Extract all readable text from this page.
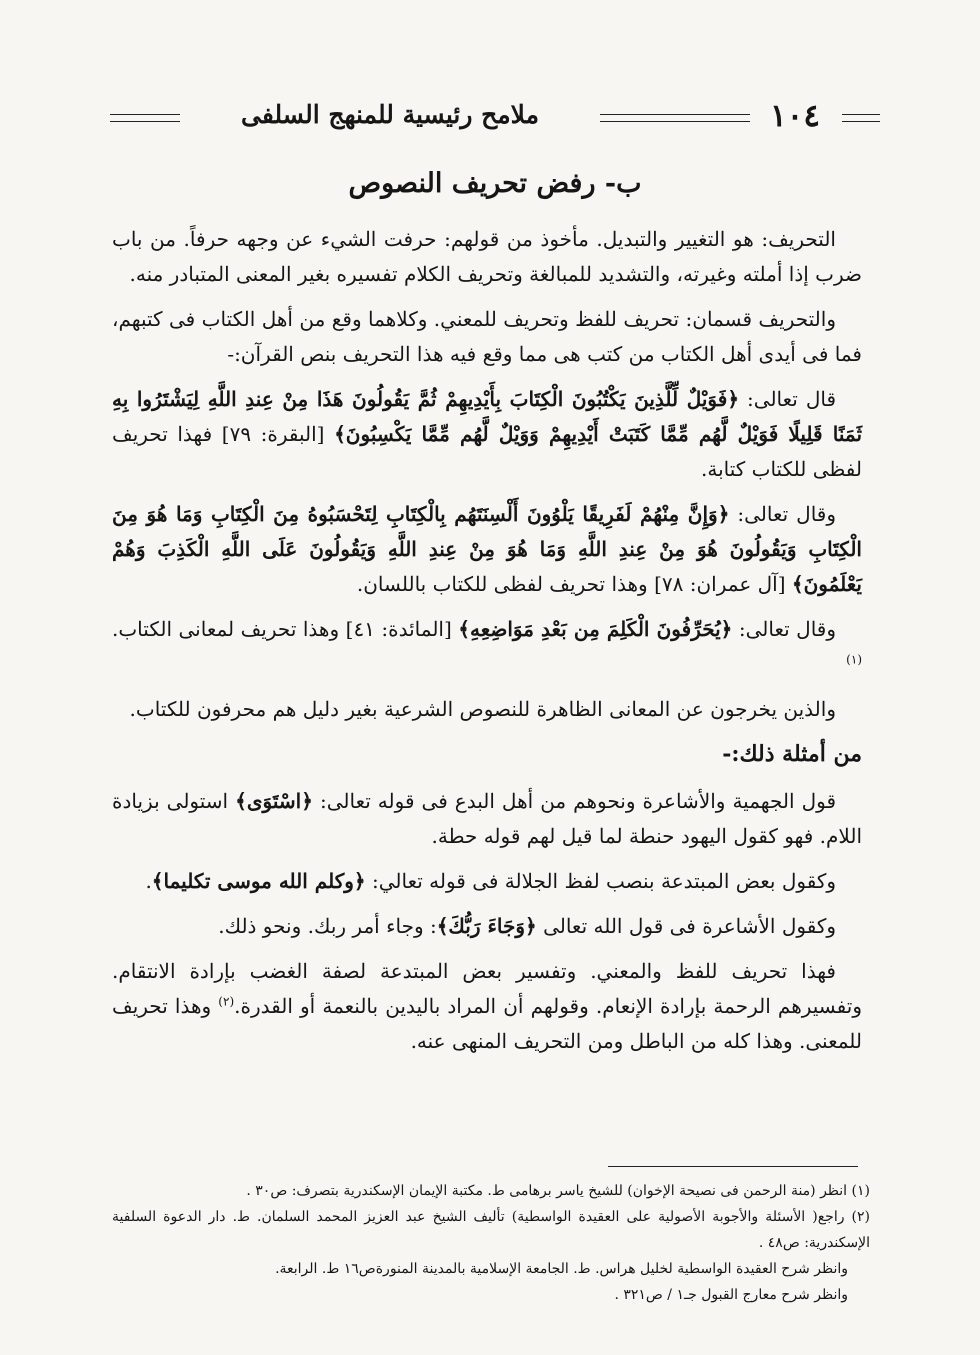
١٠٤
ملامح رئيسية للمنهج السلفى
ب- رفض تحريف النصوص

التحريف: هو التغيير والتبديل. مأخوذ من قولهم: حرفت الشيء عن وجهه حرفاً. من باب ضرب إذا أملته وغيرته، والتشديد للمبالغة وتحريف الكلام تفسيره بغير المعنى المتبادر منه.

والتحريف قسمان: تحريف للفظ وتحريف للمعني. وكلاهما وقع من أهل الكتاب فى كتبهم، فما فى أيدى أهل الكتاب من كتب هى مما وقع فيه هذا التحريف بنص القرآن:-

قال تعالى: ﴿فَوَيْلٌ لِّلَّذِينَ يَكْتُبُونَ الْكِتَابَ بِأَيْدِيهِمْ ثُمَّ يَقُولُونَ هَذَا مِنْ عِندِ اللَّهِ لِيَشْتَرُوا بِهِ ثَمَنًا قَلِيلًا فَوَيْلٌ لَّهُم مِّمَّا كَتَبَتْ أَيْدِيهِمْ وَوَيْلٌ لَّهُم مِّمَّا يَكْسِبُونَ﴾ [البقرة: ٧٩] فهذا تحريف لفظى للكتاب كتابة.

وقال تعالى: ﴿وَإِنَّ مِنْهُمْ لَفَرِيقًا يَلْوُونَ أَلْسِنَتَهُم بِالْكِتَابِ لِتَحْسَبُوهُ مِنَ الْكِتَابِ وَمَا هُوَ مِنَ الْكِتَابِ وَيَقُولُونَ هُوَ مِنْ عِندِ اللَّهِ وَمَا هُوَ مِنْ عِندِ اللَّهِ وَيَقُولُونَ عَلَى اللَّهِ الْكَذِبَ وَهُمْ يَعْلَمُونَ﴾ [آل عمران: ٧٨] وهذا تحريف لفظى للكتاب باللسان.

وقال تعالى: ﴿يُحَرِّفُونَ الْكَلِمَ مِن بَعْدِ مَوَاضِعِهِ﴾ [المائدة: ٤١] وهذا تحريف لمعانى الكتاب.$^{(١)}$

والذين يخرجون عن المعانى الظاهرة للنصوص الشرعية بغير دليل هم محرفون للكتاب.

من أمثلة ذلك:-

قول الجهمية والأشاعرة ونحوهم من أهل البدع فى قوله تعالى: ﴿اسْتَوَى﴾ استولى بزيادة اللام. فهو كقول اليهود حنطة لما قيل لهم قوله حطة.

وكقول بعض المبتدعة بنصب لفظ الجلالة فى قوله تعالي: ﴿وكلم الله موسى تكليما﴾.

وكقول الأشاعرة فى قول الله تعالى ﴿وَجَاءَ رَبُّكَ﴾: وجاء أمر ربك. ونحو ذلك.

فهذا تحريف للفظ والمعني. وتفسير بعض المبتدعة لصفة الغضب بإرادة الانتقام. وتفسيرهم الرحمة بإرادة الإنعام. وقولهم أن المراد باليدين بالنعمة أو القدرة.$^{(٢)}$ وهذا تحريف للمعنى. وهذا كله من الباطل ومن التحريف المنهى عنه.

(١) انظر (منة الرحمن فى نصيحة الإخوان) للشيخ ياسر برهامى ط. مكتبة الإيمان الإسكندرية بتصرف: ص٣٠ .
(٢) راجع( الأسئلة والأجوبة الأصولية على العقيدة الواسطية) تأليف الشيخ عبد العزيز المحمد السلمان. ط. دار الدعوة السلفية الإسكندرية: ص٤٨ .
وانظر شرح العقيدة الواسطية لخليل هراس. ط. الجامعة الإسلامية بالمدينة المنورةص١٦ ط. الرابعة.
وانظر شرح معارج القبول جـ١ / ص٣٢١ .
